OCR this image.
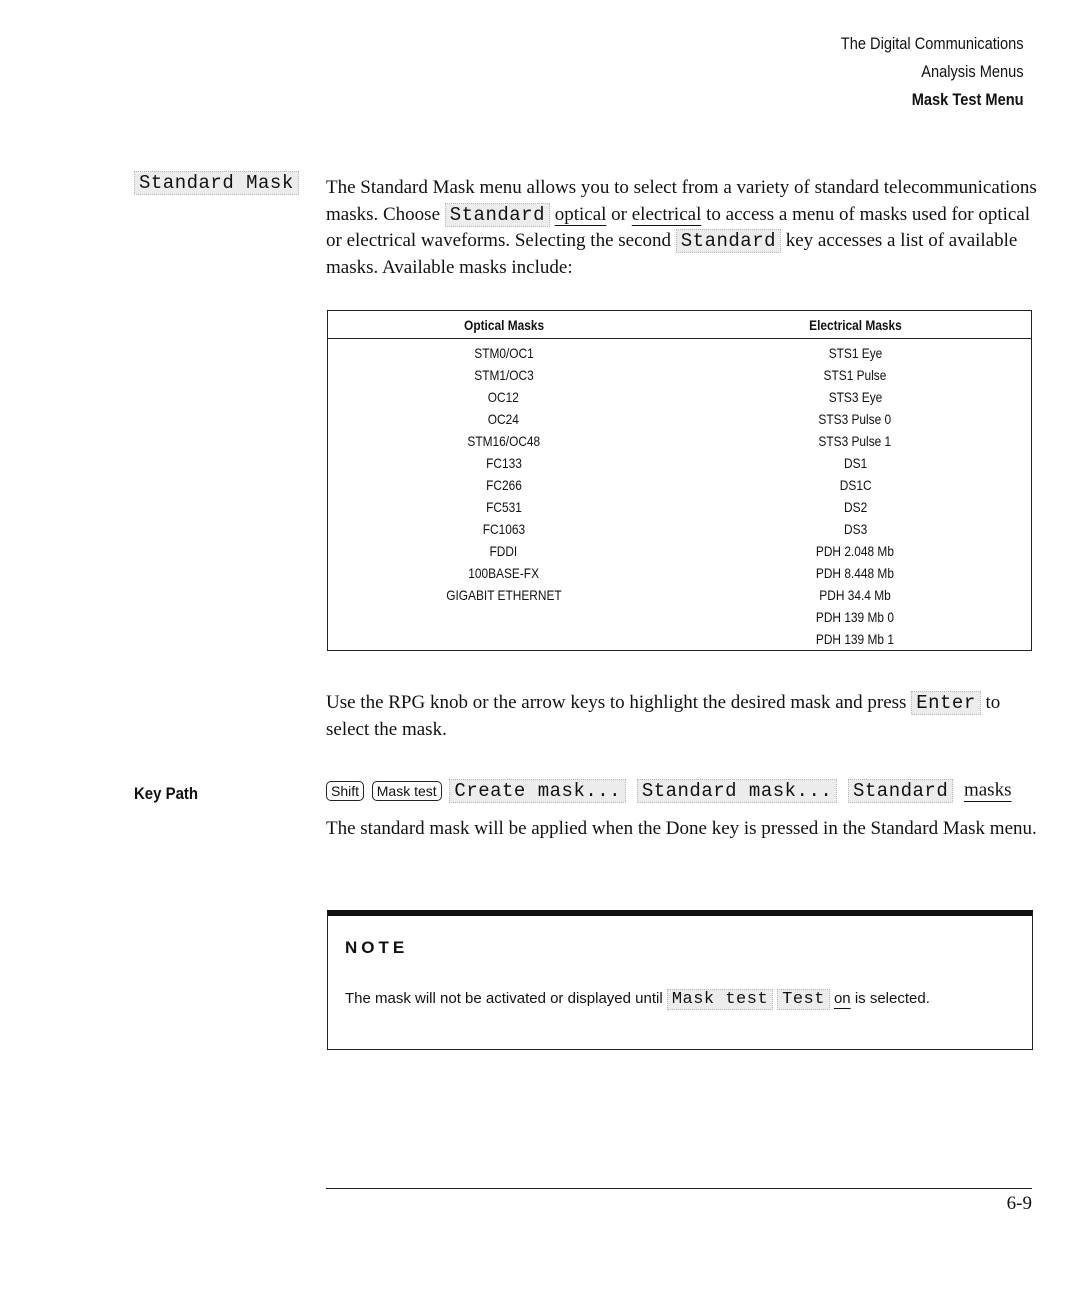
The Digital Communications
Analysis Menus
Mask Test Menu
Standard Mask The Standard Mask menu allows you to select from a variety of standard telecommunications masks. Choose Standard optical or electrical to access a menu of masks used for optical or electrical waveforms. Selecting the second Standard key accesses a list of available masks. Available masks include:
Optical Masks	Electrical Masks
STM0/OC1	STS1 Eye
STM1/OC3	STS1 Pulse
OC12	STS3 Eye
OC24	STS3 Pulse 0
STM16/OC48	STS3 Pulse 1
FC133	DS1
FC266	DS1C
FC531	DS2
FC1063	DS3
FDDI	PDH 2.048 Mb
100BASE-FX	PDH 8.448 Mb
GIGABIT ETHERNET	PDH 34.4 Mb
	PDH 139 Mb 0
	PDH 139 Mb 1
Use the RPG knob or the arrow keys to highlight the desired mask and press Enter to select the mask.
Key Path	Shift Mask test Create mask... Standard mask... Standard masks
The standard mask will be applied when the Done key is pressed in the Standard Mask menu.
NOTE
The mask will not be activated or displayed until Mask test Test on is selected.
6-9
